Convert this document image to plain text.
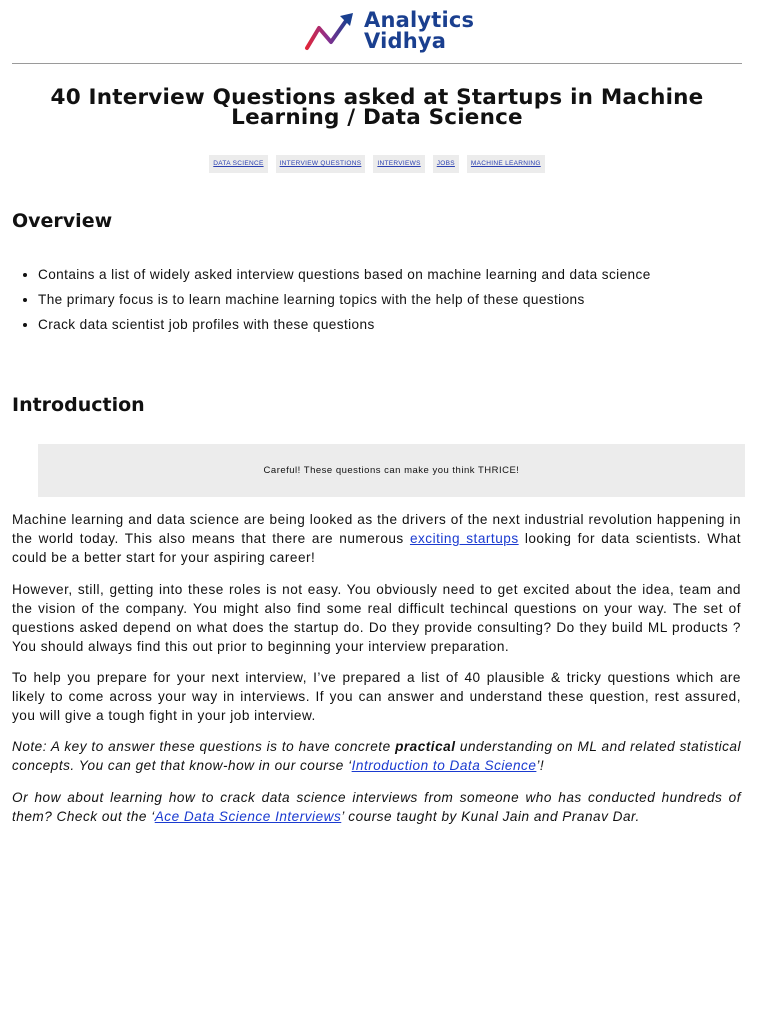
Analytics
Vidhya
40 Interview Questions asked at Startups in Machine Learning / Data Science
DATA SCIENCE	INTERVIEW QUESTIONS	INTERVIEWS	JOBS	MACHINE LEARNING
Overview
• Contains a list of widely asked interview questions based on machine learning and data science
• The primary focus is to learn machine learning topics with the help of these questions
• Crack data scientist job profiles with these questions
Introduction

Careful! These questions can make you think THRICE!

Machine learning and data science are being looked as the drivers of the next industrial revolution happening in the world today. This also means that there are numerous exciting startups looking for data scientists. What could be a better start for your aspiring career!

However, still, getting into these roles is not easy. You obviously need to get excited about the idea, team and the vision of the company. You might also find some real difficult techincal questions on your way. The set of questions asked depend on what does the startup do. Do they provide consulting? Do they build ML products ? You should always find this out prior to beginning your interview preparation.

To help you prepare for your next interview, I’ve prepared a list of 40 plausible & tricky questions which are likely to come across your way in interviews. If you can answer and understand these question, rest assured, you will give a tough fight in your job interview.

Note: A key to answer these questions is to have concrete practical understanding on ML and related statistical concepts. You can get that know-how in our course ‘Introduction to Data Science’!

Or how about learning how to crack data science interviews from someone who has conducted hundreds of them? Check out the ‘Ace Data Science Interviews’ course taught by Kunal Jain and Pranav Dar.
